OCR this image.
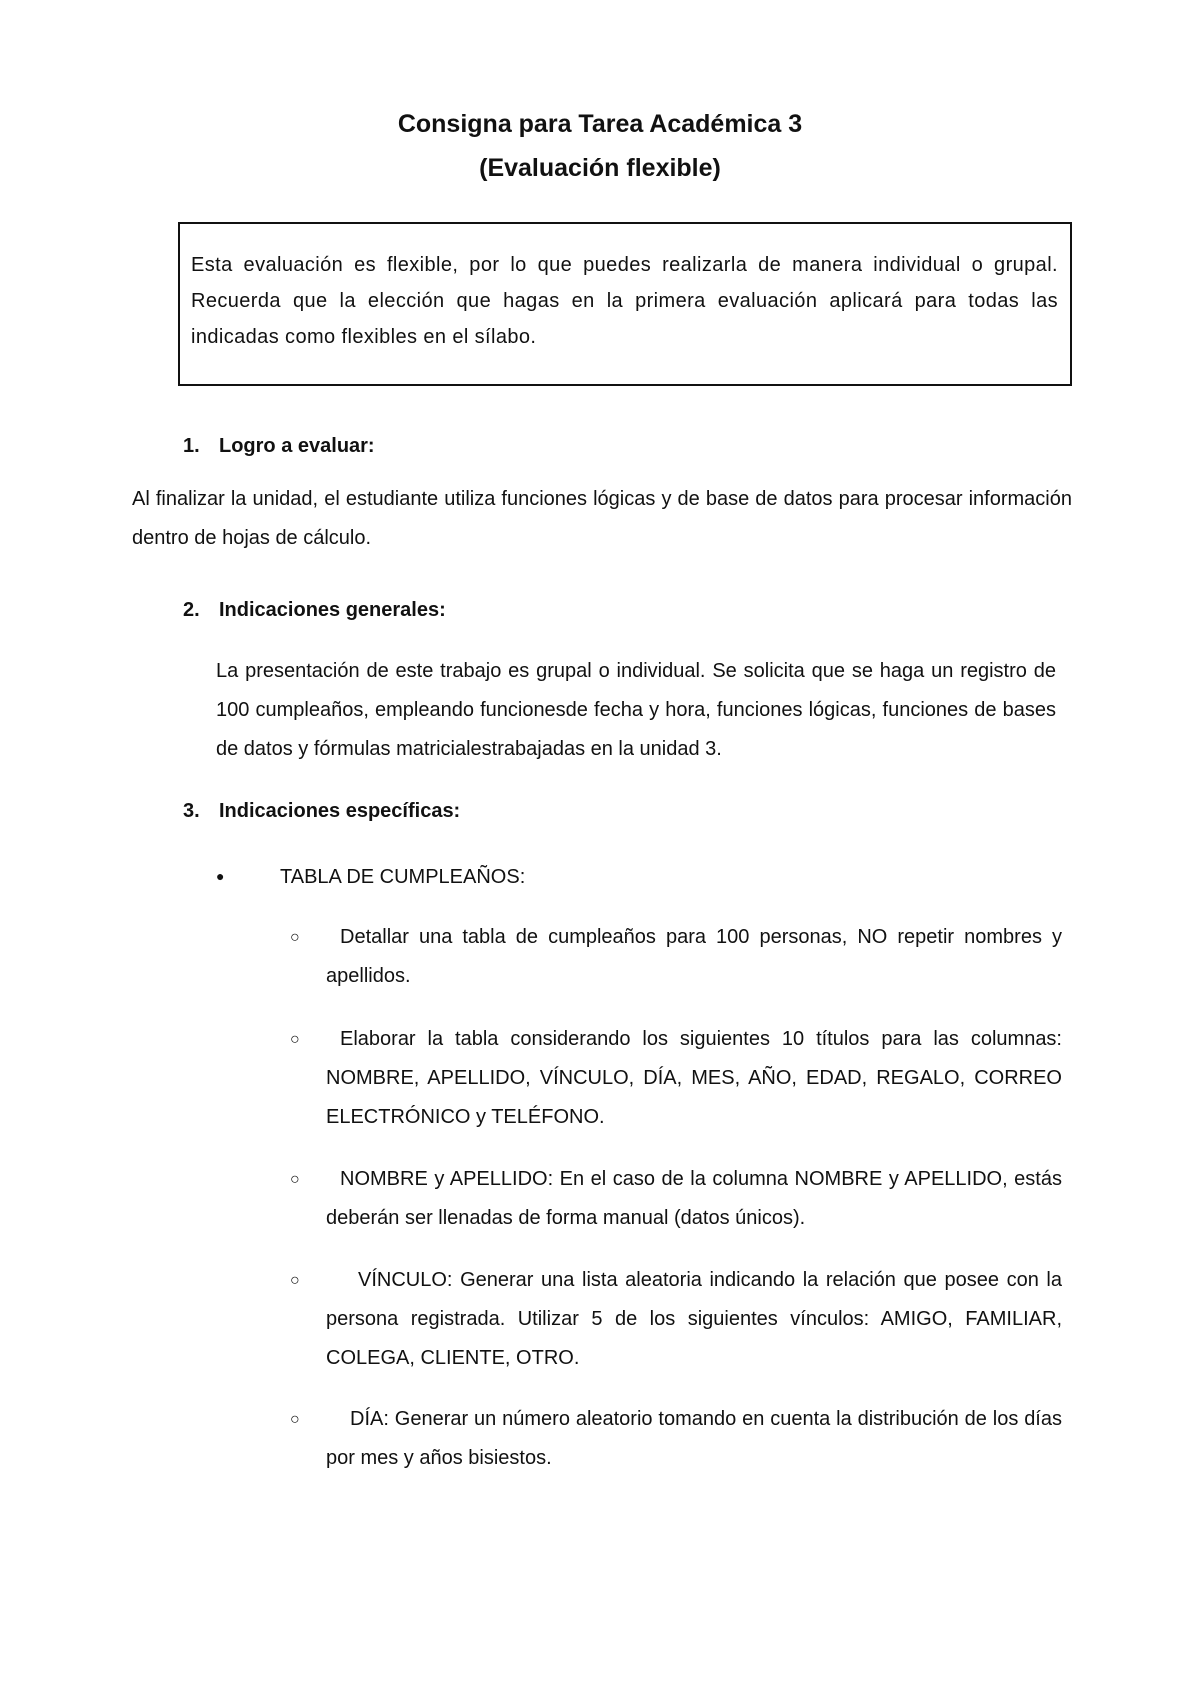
Consigna para Tarea Académica 3
(Evaluación flexible)
Esta evaluación es flexible, por lo que puedes realizarla de manera individual o grupal. Recuerda que la elección que hagas en la primera evaluación aplicará para todas las indicadas como flexibles en el sílabo.
1. Logro a evaluar:
Al finalizar la unidad, el estudiante utiliza funciones lógicas y de base de datos para procesar información dentro de hojas de cálculo.
2. Indicaciones generales:
La presentación de este trabajo es grupal o individual. Se solicita que se haga un registro de 100 cumpleaños, empleando funcionesde fecha y hora, funciones lógicas, funciones de bases de datos y fórmulas matricialestrabajadas en la unidad 3.
3. Indicaciones específicas:
●	TABLA DE CUMPLEAÑOS:
○ Detallar una tabla de cumpleaños para 100 personas, NO repetir nombres y apellidos.
○ Elaborar la tabla considerando los siguientes 10 títulos para las columnas: NOMBRE, APELLIDO, VÍNCULO, DÍA, MES, AÑO, EDAD, REGALO, CORREO ELECTRÓNICO y TELÉFONO.
○ NOMBRE y APELLIDO: En el caso de la columna NOMBRE y APELLIDO, estás deberán ser llenadas de forma manual (datos únicos).
○	VÍNCULO: Generar una lista aleatoria indicando la relación que posee con la persona registrada. Utilizar 5 de los siguientes vínculos: AMIGO, FAMILIAR, COLEGA, CLIENTE, OTRO.
○	DÍA: Generar un número aleatorio tomando en cuenta la distribución de los días por mes y años bisiestos.
